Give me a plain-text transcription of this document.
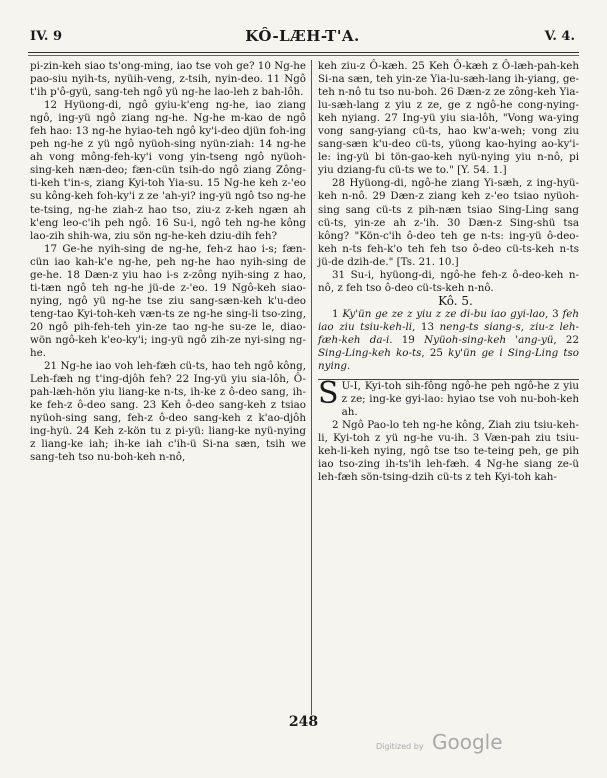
IV. 9	KÔ-LÆH-T'A.	V. 4.

pi-zin-keh siao ts'ong-ming, iao tse voh ge? 10 Ng-he pao-siu nyih-ts, nyüih-veng, z-tsih, nyin-deo. 11 Ngô t'ih p'ô-gyü, sang-teh ngô yü ng-he lao-leh z bah-lôh.

12 Hyüong-di, ngô gyiu-k'eng ng-he, iao ziang ngô, ing-yü ngô ziang ng-he. Ng-he m-kao de ngô feh hao: 13 ng-he hyiao-teh ngô ky'i-deo djün foh-ing peh ng-he z yü ngô nyüoh-sing nyün-ziah: 14 ng-he ah vong mông-feh-ky'i vong yin-tseng ngô nyüoh-sing-keh næn-deo; fæn-cün tsih-do ngô ziang Zông-ti-keh t'in-s, ziang Kyi-toh Yia-su. 15 Ng-he keh z-'eo su kông-keh foh-ky'i z ze 'ah-yi? ing-yü ngô tso ng-he te-tsing, ng-he ziah-z hao tso, ziu-z z-keh ngæn ah k'eng leo-c'ih peh ngô. 16 Su-i, ngô teh ng-he kông lao-zih shih-wa, ziu sön ng-he-keh dziu-dih feh?

17 Ge-he nyih-sing de ng-he, feh-z hao i-s; fæn-cün iao kah-k'e ng-he, peh ng-he hao nyih-sing de ge-he. 18 Dæn-z yiu hao i-s z-zông nyih-sing z hao, ti-tæn ngô teh ng-he jü-de z-'eo. 19 Ngô-keh siao-nying, ngô yü ng-he tse ziu sang-sæn-keh k'u-deo teng-tao Kyi-toh-keh væn-ts ze ng-he sing-li tso-zing, 20 ngô pih-feh-teh yin-ze tao ng-he su-ze le, diao-wön ngô-keh k'eo-ky'i; ing-yü ngô zih-ze nyi-sing ng-he.

21 Ng-he iao voh leh-fæh cü-ts, hao teh ngô kông, Leh-fæh ng t'ing-djôh feh? 22 Ing-yü yiu sia-lôh, Ô-pah-læh-hön yiu liang-ke n-ts, ih-ke z ô-deo sang, ih-ke feh-z ô-deo sang. 23 Keh ô-deo sang-keh z tsiao nyüoh-sing sang, feh-z ô-deo sang-keh z k'ao-djôh ing-hyü. 24 Keh z-kön tu z pi-yü: liang-ke nyü-nying z liang-ke iah; ih-ke iah c'ih-ü Si-na sæn, tsih we sang-teh tso nu-boh-keh n-nô,

keh ziu-z Ô-kæh. 25 Keh Ô-kæh z Ô-læh-pah-keh Si-na sæn, teh yin-ze Yia-lu-sæh-lang ih-yiang, ge-teh n-nô tu tso nu-boh. 26 Dæn-z ze zông-keh Yia-lu-sæh-lang z yiu z ze, ge z ngô-he cong-nying-keh nyiang. 27 Ing-yü yiu sia-lôh, "Vong wa-ying vong sang-yiang cü-ts, hao kw'a-weh; vong ziu sang-sæn k'u-deo cü-ts, yüong kao-hying ao-ky'i-le: ing-yü bi tön-gao-keh nyü-nying yiu n-nô, pi yiu dziang-fu cü-ts we to." [Y. 54. 1.]

28 Hyüong-di, ngô-he ziang Yi-sæh, z ing-hyü-keh n-nô. 29 Dæn-z ziang keh z-'eo tsiao nyüoh-sing sang cü-ts z pih-næn tsiao Sing-Ling sang cü-ts, yin-ze ah z-'ih. 30 Dæn-z Sing-shü tsa kông? "Kön-c'ih ô-deo teh ge n-ts: ing-yü ô-deo-keh n-ts feh-k'o teh feh tso ô-deo cü-ts-keh n-ts jü-de dzih-de." [Ts. 21. 10.]

31 Su-i, hyüong-di, ngô-he feh-z ô-deo-keh n-nô, z feh tso ô-deo cü-ts-keh n-nô.

Kô. 5.

1 Ky'ün ge ze z yiu z ze di-bu iao gyi-lao, 3 feh iao ziu tsiu-keh-li, 13 neng-ts siang-s, ziu-z leh-fæh-keh da-i. 19 Nyüoh-sing-keh 'ang-yü, 22 Sing-Ling-keh ko-ts, 25 ky'ün ge i Sing-Ling tso nying.

S U-I, Kyi-toh sih-fông ngô-he peh ngô-he z yiu z ze; ing-ke gyi-lao: hyiao tse voh nu-boh-keh ah.

2 Ngô Pao-lo teh ng-he kông, Ziah ziu tsiu-keh-li, Kyi-toh z yü ng-he vu-ih. 3 Væn-pah ziu tsiu-keh-li-keh nying, ngô tse tso te-teing peh, ge pih iao tso-zing ih-ts'ih leh-fæh. 4 Ng-he siang ze-ü leh-fæh sön-tsing-dzih cü-ts z teh Kyi-toh kah-

248
Digitized by Google
